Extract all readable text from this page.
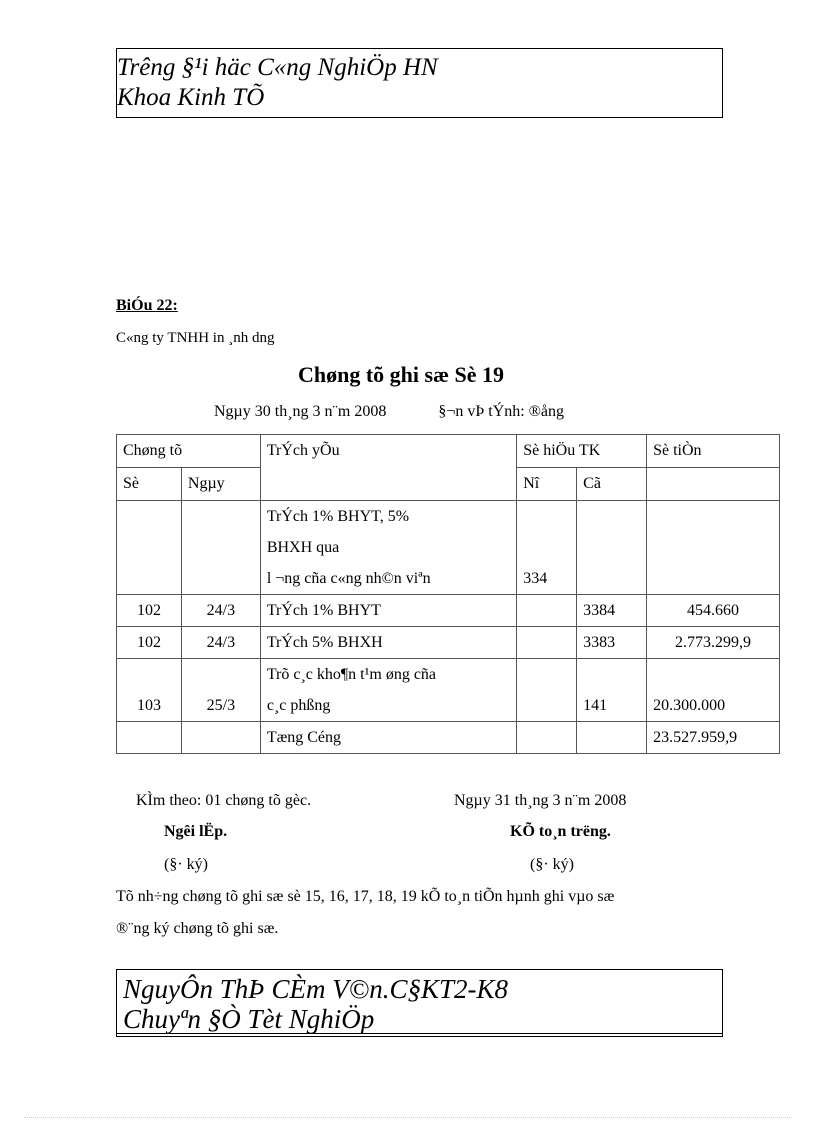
Trêng §¹i häc C«ng NghiÖp HN
Khoa Kinh TÕ
BiÓu 22:
C«ng ty TNHH in ¸nh dng
Chøng tõ ghi sæ Sè 19
Ngµy 30 th¸ng 3 n¨m 2008	§¬n vÞ tÝnh: ®ång
Chøng tõ		TrÝch yÕu	Sè hiÖu TK		Sè tiÒn
Sè	Ngµy		Nî	Cã	

		TrÝch 1% BHYT, 5%
BHXH qua
l ¬ng cña c«ng nh©n viªn	334		
102	24/3	TrÝch 1% BHYT		3384	454.660
102	24/3	TrÝch 5% BHXH		3383	2.773.299,9
103	25/3	Trõ c¸c kho¶n t¹m øng cña
c¸c phßng		141	20.300.000
		Tæng Céng			23.527.959,9
KÌm theo: 01 chøng tõ gèc.	Ngµy 31 th¸ng 3 n¨m 2008
Ngêi lËp.	KÕ to¸n trëng.
(§· ký)	(§· ký)
Tõ nh÷ng chøng tõ ghi sæ sè 15, 16, 17, 18, 19 kÕ to¸n tiÕn hµnh ghi vµo sæ
®¨ng ký chøng tõ ghi sæ.
NguyÔn ThÞ CÈm V©n.C§KT2-K8
Chuyªn §Ò Tèt NghiÖp
